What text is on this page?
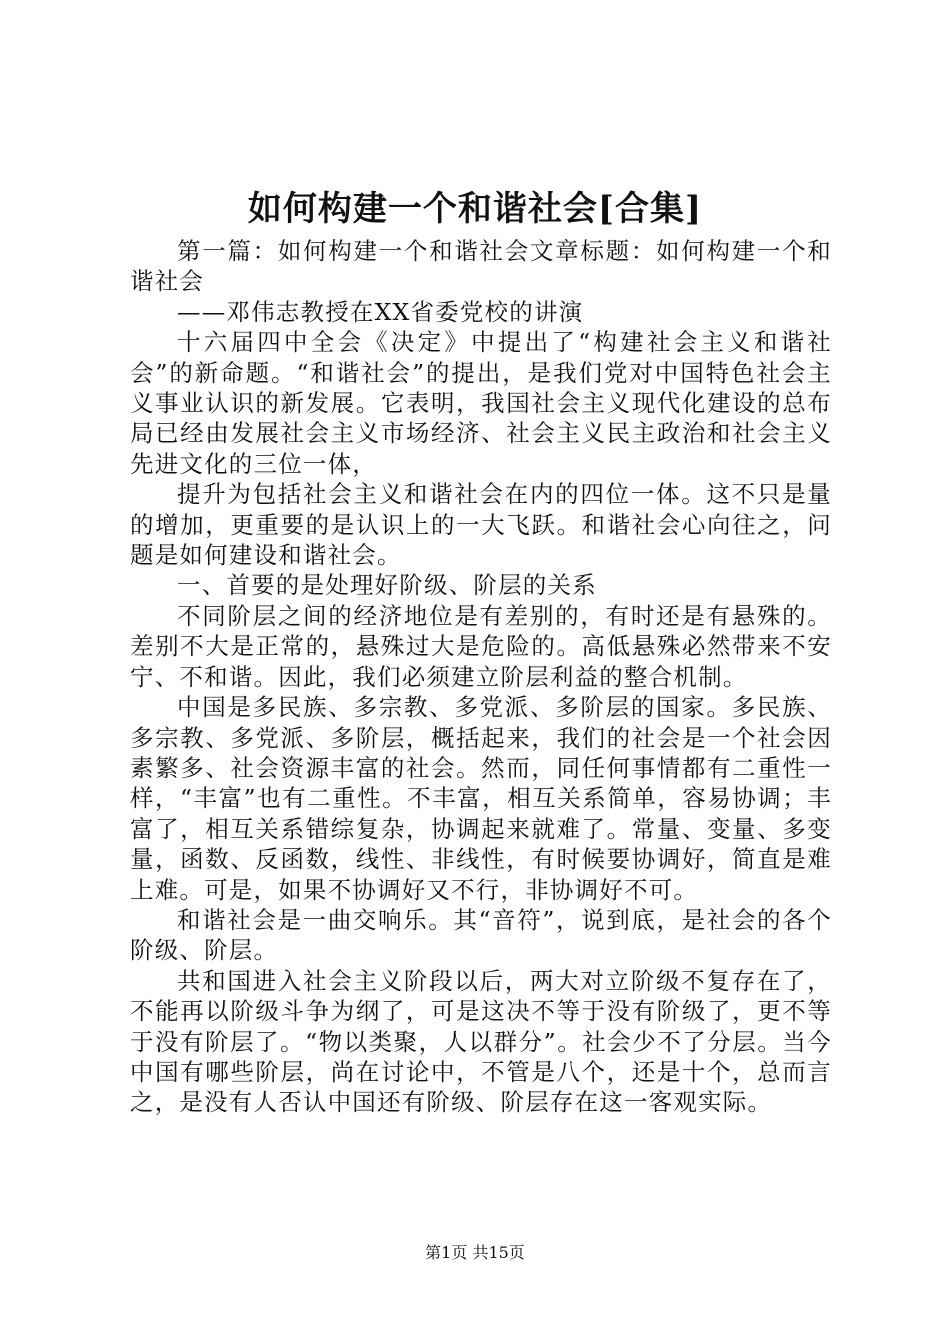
如何构建一个和谐社会[合集]

第一篇：如何构建一个和谐社会文章标题：如何构建一个和谐社会

——邓伟志教授在XX省委党校的讲演

十六届四中全会《决定》中提出了“构建社会主义和谐社会”的新命题。“和谐社会”的提出，是我们党对中国特色社会主义事业认识的新发展。它表明，我国社会主义现代化建设的总布局已经由发展社会主义市场经济、社会主义民主政治和社会主义先进文化的三位一体，

提升为包括社会主义和谐社会在内的四位一体。这不只是量的增加，更重要的是认识上的一大飞跃。和谐社会心向往之，问题是如何建设和谐社会。

一、首要的是处理好阶级、阶层的关系

不同阶层之间的经济地位是有差别的，有时还是有悬殊的。差别不大是正常的，悬殊过大是危险的。高低悬殊必然带来不安宁、不和谐。因此，我们必须建立阶层利益的整合机制。

中国是多民族、多宗教、多党派、多阶层的国家。多民族、多宗教、多党派、多阶层，概括起来，我们的社会是一个社会因素繁多、社会资源丰富的社会。然而，同任何事情都有二重性一样，“丰富”也有二重性。不丰富，相互关系简单，容易协调；丰富了，相互关系错综复杂，协调起来就难了。常量、变量、多变量，函数、反函数，线性、非线性，有时候要协调好，简直是难上难。可是，如果不协调好又不行，非协调好不可。

和谐社会是一曲交响乐。其“音符”，说到底，是社会的各个阶级、阶层。

共和国进入社会主义阶段以后，两大对立阶级不复存在了，不能再以阶级斗争为纲了，可是这决不等于没有阶级了，更不等于没有阶层了。“物以类聚，人以群分”。社会少不了分层。当今中国有哪些阶层，尚在讨论中，不管是八个，还是十个，总而言之，是没有人否认中国还有阶级、阶层存在这一客观实际。

第1页 共15页
